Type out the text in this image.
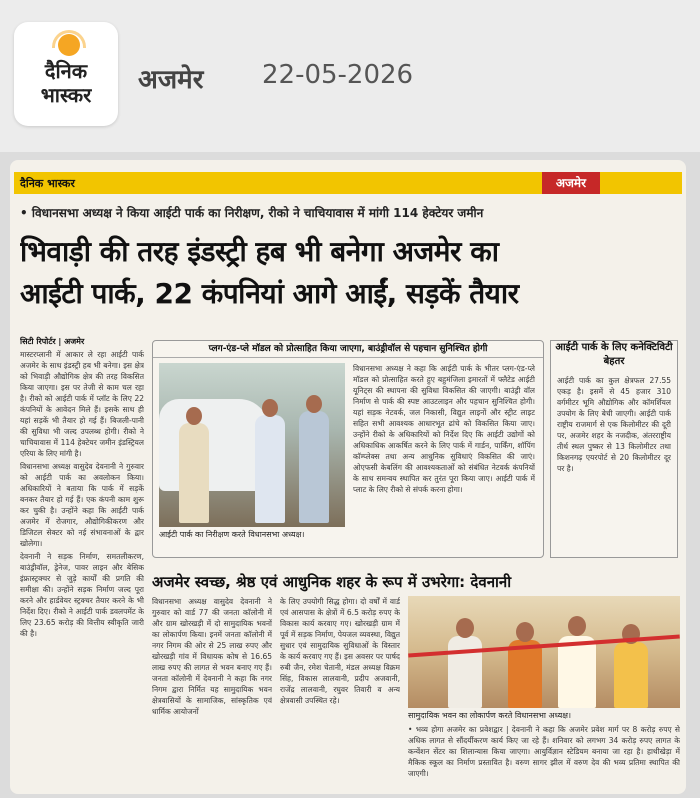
दैनिक
भास्कर	अजमेर 22-05-2026
दैनिक भास्कर	अजमेर
• विधानसभा अध्यक्ष ने किया आईटी पार्क का निरीक्षण, रीको ने चाचियावास में मांगी 114 हेक्टेयर जमीन
भिवाड़ी की तरह इंडस्ट्री हब भी बनेगा अजमेर का
आईटी पार्क, 22 कंपनियां आगे आईं, सड़कें तैयार

सिटी रिपोर्टर | अजमेर

मास्टरप्लानी में आकार ले रहा आईटी पार्क अजमेर के साथ इंडस्ट्री हब भी बनेगा। इस क्षेत्र को भिवाड़ी औद्योगिक क्षेत्र की तरह विकसित किया जाएगा। इस पर तेजी से काम चल रहा है। रीको को आईटी पार्क में प्लॉट के लिए 22 कंपनियों के आवेदन मिले हैं। इसके साथ ही यहां सड़कें भी तैयार हो गई हैं। बिजली-पानी की सुविधा भी जल्द उपलब्ध होगी। रीको ने चाचियावास में 114 हेक्टेयर जमीन इंडस्ट्रियल एरिया के लिए मांगी है।

विधानसभा अध्यक्ष वासुदेव देवनानी ने गुरुवार को आईटी पार्क का अवलोकन किया। अधिकारियों ने बताया कि पार्क में सड़कें बनकर तैयार हो गई हैं। एक कंपनी काम शुरू कर चुकी है। उन्होंने कहा कि आईटी पार्क अजमेर में रोजगार, औद्योगिकीकरण और डिजिटल सेक्टर को नई संभावनाओं के द्वार खोलेगा।

देवनानी ने सड़क निर्माण, समतलीकरण, बाउंड्रीवॉल, ड्रेनेज, पावर लाइन और बेसिक इंफ्रास्ट्रक्चर से जुड़े कार्यों की प्रगति की समीक्षा की। उन्होंने सड़क निर्माण जल्द पूरा करने और हार्डवेयर स्ट्रक्चर तैयार करने के भी निर्देश दिए। रीको ने आईटी पार्क डवलपमेंट के लिए 23.65 करोड़ की वित्तीय स्वीकृति जारी की है।

प्लग-एंड-प्ले मॉडल को प्रोत्साहित किया जाएगा, बाउंड्रीवॉल से पहचान सुनिश्चित होगी
आईटी पार्क का निरीक्षण करते विधानसभा अध्यक्ष।
विधानसभा अध्यक्ष ने कहा कि आईटी पार्क के भीतर प्लग-एंड-प्ले मॉडल को प्रोत्साहित करते हुए बहुमंजिला इमारतों में फ्लैटेड आईटी यूनिट्स की स्थापना की सुविधा विकसित की जाएगी। बाउंड्री वॉल निर्माण से पार्क की स्पष्ट आउटलाइन और पहचान सुनिश्चित होगी। यहां सड़क नेटवर्क, जल निकासी, विद्युत लाइनों और स्ट्रीट लाइट सहित सभी आवश्यक आधारभूत ढांचे को विकसित किया जाए। उन्होंने रीको के अधिकारियों को निर्देश दिए कि आईटी उद्योगों को अधिकाधिक आकर्षित करने के लिए पार्क में गार्डन, पार्किंग, शॉपिंग कॉम्प्लेक्स तथा अन्य आधुनिक सुविधाएं विकसित की जाएं। ओएफसी केबलिंग की आवश्यकताओं को संबंधित नेटवर्क कंपनियों के साथ समन्वय स्थापित कर तुरंत पूरा किया जाए। आईटी पार्क में प्लाट के लिए रीको से संपर्क करना होगा।
आईटी पार्क के लिए कनेक्टिविटी बेहतर
आईटी पार्क का कुल क्षेत्रफल 27.55 एकड़ है। इसमें से 45 हजार 310 वर्गमीटर भूमि औद्योगिक और कॉमर्शियल उपयोग के लिए बेची जाएगी। आईटी पार्क राष्ट्रीय राजमार्ग से एक किलोमीटर की दूरी पर, अजमेर शहर के नजदीक, अंतरराष्ट्रीय तीर्थ स्थल पुष्कर से 13 किलोमीटर तथा किशनगढ़ एयरपोर्ट से 20 किलोमीटर दूर पर है।
अजमेर स्वच्छ, श्रेष्ठ एवं आधुनिक शहर के रूप में उभरेगा: देवनानी
विधानसभा अध्यक्ष वासुदेव देवनानी ने गुरुवार को वार्ड 77 की जनता कॉलोनी में और ग्राम खोरखड़ी में दो सामुदायिक भवनों का लोकार्पण किया। इनमें जनता कॉलोनी में नगर निगम की ओर से 25 लाख रुपए और खोरखड़ी गांव में विधायक कोष से 16.65 लाख रुपए की लागत से भवन बनाए गए हैं। जनता कॉलोनी में देवनानी ने कहा कि नगर निगम द्वारा निर्मित यह सामुदायिक भवन क्षेत्रवासियों के सामाजिक, सांस्कृतिक एवं धार्मिक आयोजनों
के लिए उपयोगी सिद्ध होगा। दो वर्षों में वार्ड एवं आसपास के क्षेत्रों में 6.5 करोड़ रुपए के विकास कार्य करवाए गए। खोरखड़ी ग्राम में पूर्व में सड़क निर्माण, पेयजल व्यवस्था, विद्युत सुधार एवं सामुदायिक सुविधाओं के विस्तार के कार्य करवाए गए हैं। इस अवसर पर पार्षद रुबी जैन, रमेश चेतानी, मंडल अध्यक्ष विक्रम सिंह, विकास लालवानी, प्रदीप अजवानी, राजेंद्र लालवानी, रघुवर तिवारी व अन्य क्षेत्रवासी उपस्थित रहे।
सामुदायिक भवन का लोकार्पण करते विधानसभा अध्यक्ष।
• भव्य होगा अजमेर का प्रवेशद्वार | देवनानी ने कहा कि अजमेर प्रवेश मार्ग पर 8 करोड़ रुपए से अधिक लागत से सौंदर्यीकरण कार्य किए जा रहे हैं। शनिवार को लगभग 34 करोड़ रुपए लागत के कन्वेंशन सेंटर का शिलान्यास किया जाएगा। आयुर्विज्ञान स्टेडियम बनाया जा रहा है। हाथीखेड़ा में मैकिक स्कूल का निर्माण प्रस्तावित है। वरुण सागर झील में वरुण देव की भव्य प्रतिमा स्थापित की जाएगी।
